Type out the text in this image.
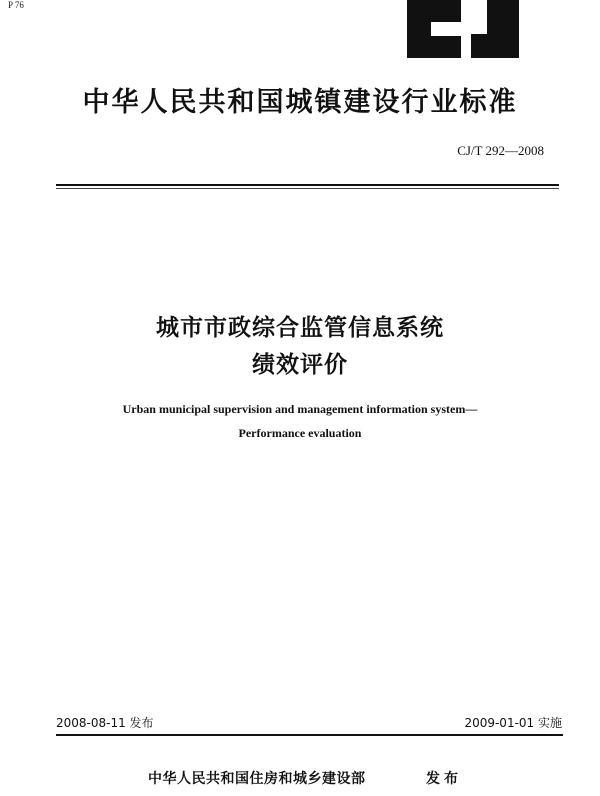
P 76
中华人民共和国城镇建设行业标准
CJ/T 292—2008
城市市政综合监管信息系统
绩效评价
Urban municipal supervision and management information system—
Performance evaluation
2008-08-11 发布	2009-01-01 实施
中华人民共和国住房和城乡建设部	发布
